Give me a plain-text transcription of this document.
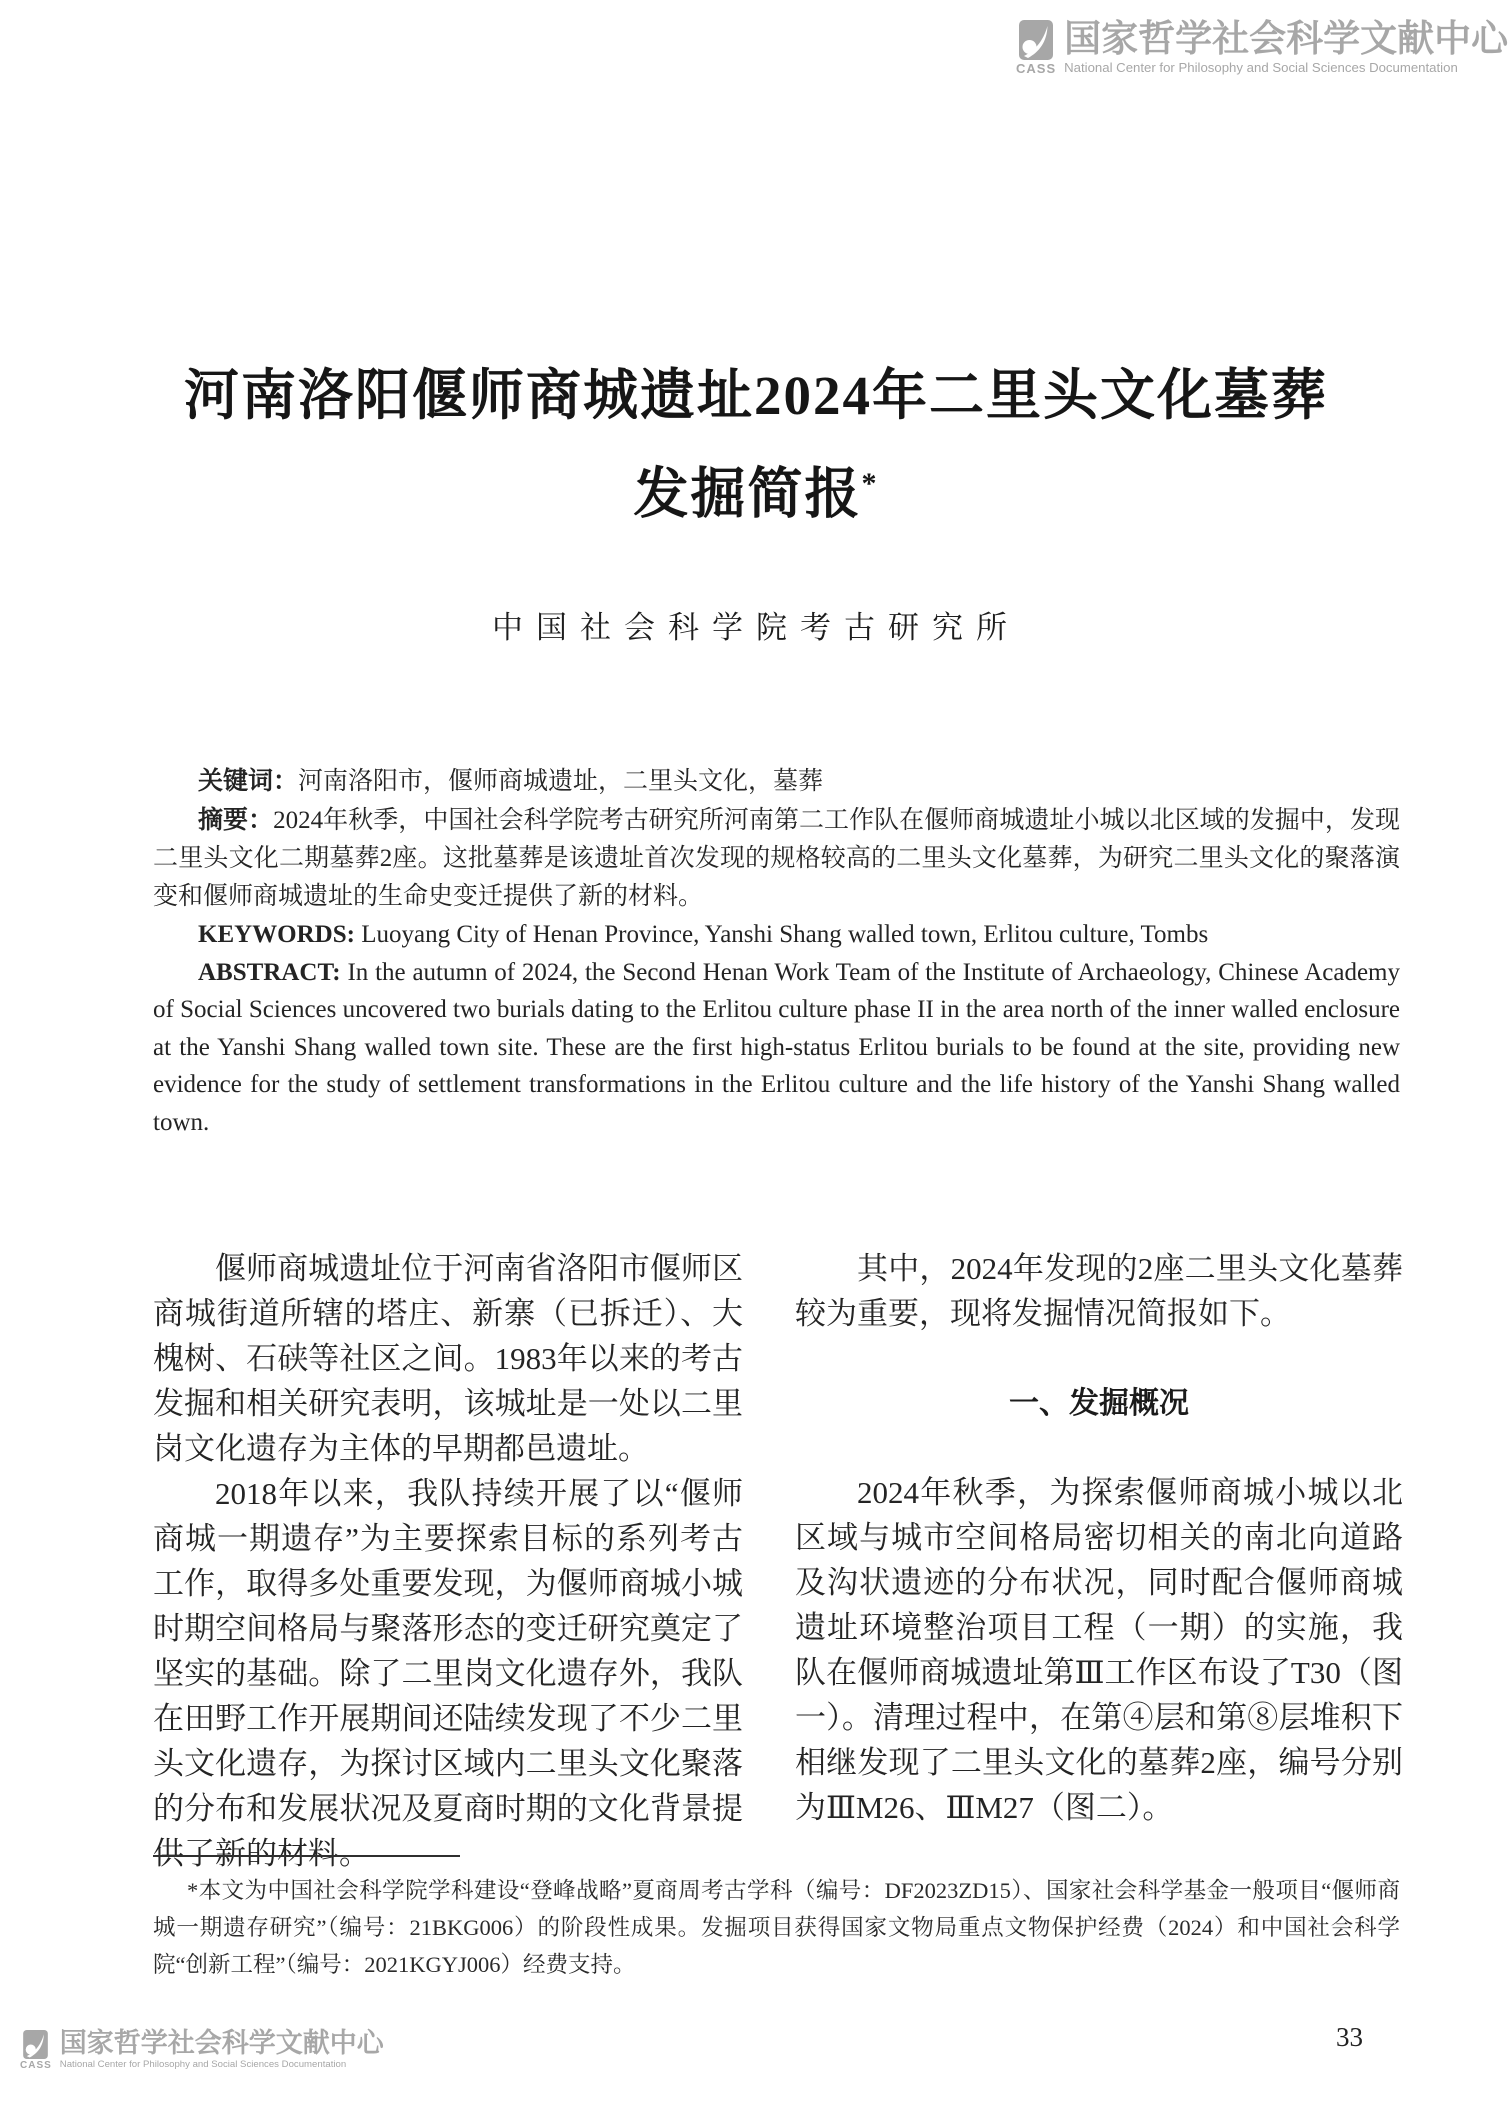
CASS
国家哲学社会科学文献中心
National Center for Philosophy and Social Sciences Documentation
河南洛阳偃师商城遗址2024年二里头文化墓葬
发掘简报*
中国社会科学院考古研究所

关键词：河南洛阳市，偃师商城遗址，二里头文化，墓葬

摘要：2024年秋季，中国社会科学院考古研究所河南第二工作队在偃师商城遗址小城以北区域的发掘中，发现二里头文化二期墓葬2座。这批墓葬是该遗址首次发现的规格较高的二里头文化墓葬，为研究二里头文化的聚落演变和偃师商城遗址的生命史变迁提供了新的材料。

KEYWORDS: Luoyang City of Henan Province, Yanshi Shang walled town, Erlitou culture, Tombs

ABSTRACT: In the autumn of 2024, the Second Henan Work Team of the Institute of Archaeology, Chinese Academy of Social Sciences uncovered two burials dating to the Erlitou culture phase II in the area north of the inner walled enclosure at the Yanshi Shang walled town site. These are the first high-status Erlitou burials to be found at the site, providing new evidence for the study of settlement transformations in the Erlitou culture and the life history of the Yanshi Shang walled town.

偃师商城遗址位于河南省洛阳市偃师区商城街道所辖的塔庄、新寨（已拆迁）、大槐树、石硖等社区之间。1983年以来的考古发掘和相关研究表明，该城址是一处以二里岗文化遗存为主体的早期都邑遗址。

2018年以来，我队持续开展了以“偃师商城一期遗存”为主要探索目标的系列考古工作，取得多处重要发现，为偃师商城小城时期空间格局与聚落形态的变迁研究奠定了坚实的基础。除了二里岗文化遗存外，我队在田野工作开展期间还陆续发现了不少二里头文化遗存，为探讨区域内二里头文化聚落的分布和发展状况及夏商时期的文化背景提供了新的材料。

其中，2024年发现的2座二里头文化墓葬较为重要，现将发掘情况简报如下。

一、发掘概况

2024年秋季，为探索偃师商城小城以北区域与城市空间格局密切相关的南北向道路及沟状遗迹的分布状况，同时配合偃师商城遗址环境整治项目工程（一期）的实施，我队在偃师商城遗址第Ⅲ工作区布设了T30（图一）。清理过程中，在第④层和第⑧层堆积下相继发现了二里头文化的墓葬2座，编号分别为ⅢM26、ⅢM27（图二）。

*本文为中国社会科学院学科建设“登峰战略”夏商周考古学科（编号：DF2023ZD15）、国家社会科学基金一般项目“偃师商城一期遗存研究”（编号：21BKG006）的阶段性成果。发掘项目获得国家文物局重点文物保护经费（2024）和中国社会科学院“创新工程”（编号：2021KGYJ006）经费支持。
CASS
国家哲学社会科学文献中心
National Center for Philosophy and Social Sciences Documentation
33
